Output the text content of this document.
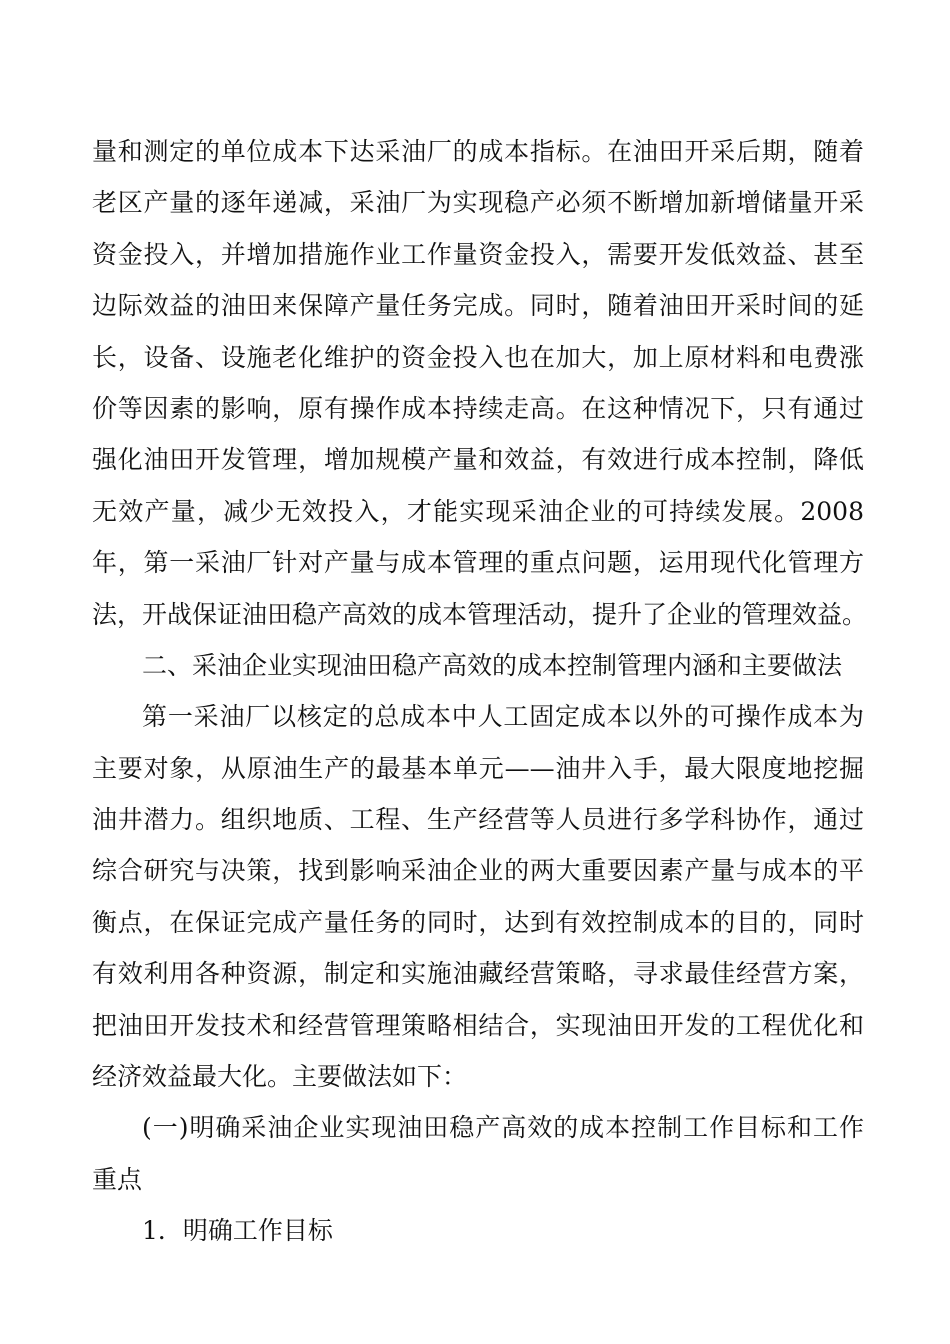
量和测定的单位成本下达采油厂的成本指标。在油田开采后期，随着
老区产量的逐年递减，采油厂为实现稳产必须不断增加新增储量开采
资金投入，并增加措施作业工作量资金投入，需要开发低效益、甚至
边际效益的油田来保障产量任务完成。同时，随着油田开采时间的延
长，设备、设施老化维护的资金投入也在加大，加上原材料和电费涨
价等因素的影响，原有操作成本持续走高。在这种情况下，只有通过
强化油田开发管理，增加规模产量和效益，有效进行成本控制，降低
无效产量，减少无效投入，才能实现采油企业的可持续发展。2008
年，第一采油厂针对产量与成本管理的重点问题，运用现代化管理方
法，开战保证油田稳产高效的成本管理活动，提升了企业的管理效益。
二、采油企业实现油田稳产高效的成本控制管理内涵和主要做法
第一采油厂以核定的总成本中人工固定成本以外的可操作成本为
主要对象，从原油生产的最基本单元——油井入手，最大限度地挖掘
油井潜力。组织地质、工程、生产经营等人员进行多学科协作，通过
综合研究与决策，找到影响采油企业的两大重要因素产量与成本的平
衡点，在保证完成产量任务的同时，达到有效控制成本的目的，同时
有效利用各种资源，制定和实施油藏经营策略，寻求最佳经营方案，
把油田开发技术和经营管理策略相结合，实现油田开发的工程优化和
经济效益最大化。主要做法如下：
(一)明确采油企业实现油田稳产高效的成本控制工作目标和工作
重点
1．明确工作目标
